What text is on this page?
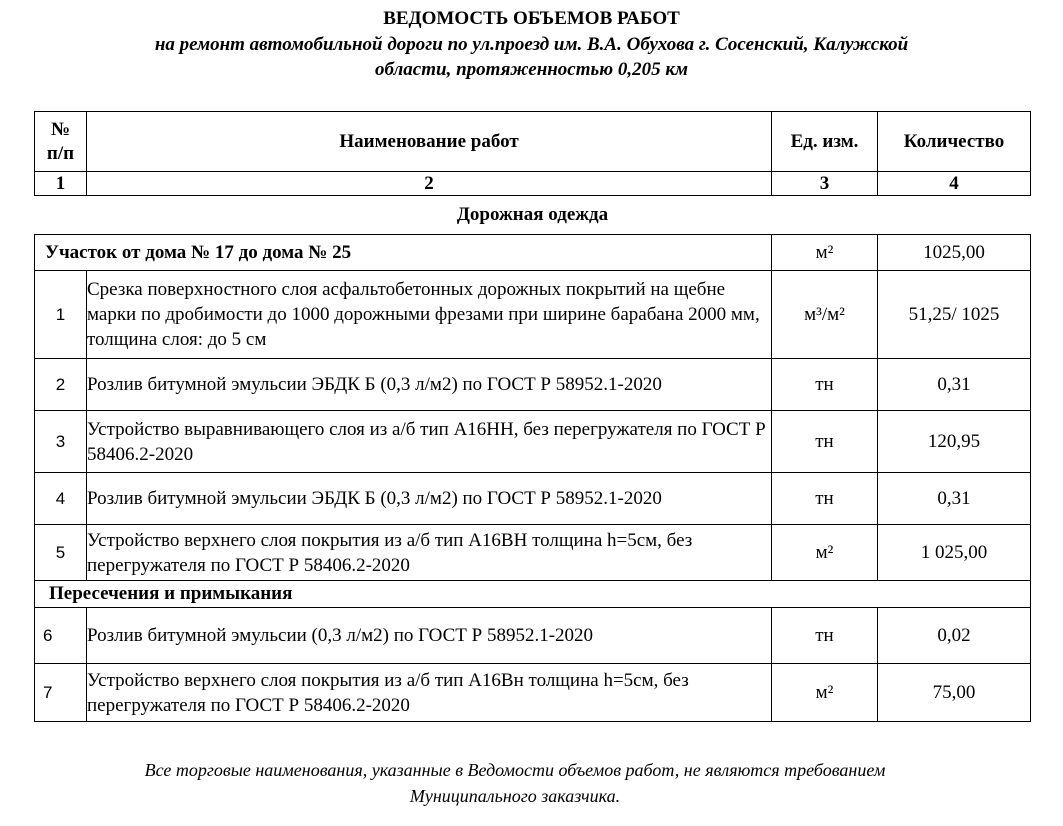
ВЕДОМОСТЬ ОБЪЕМОВ РАБОТ
на ремонт автомобильной дороги по ул.проезд им. В.А. Обухова г. Сосенский, Калужской
области, протяженностью 0,205 км
№
п/п	Наименование работ	Ед. изм.	Количество
1	2	3	4
Дорожная одежда			
Участок от дома № 17 до дома № 25		м²	1025,00
1	Срезка поверхностного слоя асфальтобетонных дорожных покрытий на щебне марки по дробимости до 1000 дорожными фрезами при ширине барабана 2000 мм, толщина слоя: до 5 см	м³/м²	51,25/ 1025
2	Розлив битумной эмульсии ЭБДК Б (0,3 л/м2) по ГОСТ Р 58952.1-2020	тн	0,31
3	Устройство выравнивающего слоя из а/б тип А16НН, без перегружателя по ГОСТ Р 58406.2-2020	тн	120,95
4	Розлив битумной эмульсии ЭБДК Б (0,3 л/м2) по ГОСТ Р 58952.1-2020	тн	0,31
5	Устройство верхнего слоя покрытия из а/б тип А16ВН толщина h=5см, без перегружателя по ГОСТ Р 58406.2-2020	м²	1 025,00
Пересечения и примыкания			
6	Розлив битумной эмульсии (0,3 л/м2) по ГОСТ Р 58952.1-2020	тн	0,02
7	Устройство верхнего слоя покрытия из а/б тип А16Вн толщина h=5см, без перегружателя по ГОСТ Р 58406.2-2020	м²	75,00
Все торговые наименования, указанные в Ведомости объемов работ, не являются требованием
Муниципального заказчика.
